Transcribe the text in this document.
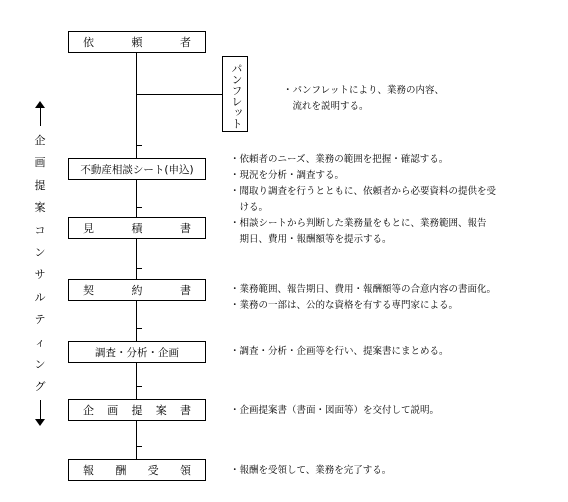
依	頼	者
不動産相談シート(申込)
見	積	書
契	約	書
調査・分析・企画
企 画 提 案 書
報 酬 受 領
パンフレット	・パンフレットにより、業務の内容、
　流れを説明する。
・依頼者のニーズ、業務の範囲を把握・確認する。
・現況を分析・調査する。
・聞取り調査を行うとともに、依頼者から必要資料の提供を受
　ける。
・相談シートから判断した業務量をもとに、業務範囲、報告
　期日、費用・報酬額等を提示する。
・業務範囲、報告期日、費用・報酬額等の合意内容の書面化。
・業務の一部は、公的な資格を有する専門家による。
・調査・分析・企画等を行い、提案書にまとめる。
・企画提案書（書面・図面等）を交付して説明。
・報酬を受領して、業務を完了する。
企
画
提
案
コ
ン
サ
ル
テ
ィ
ン
グ
